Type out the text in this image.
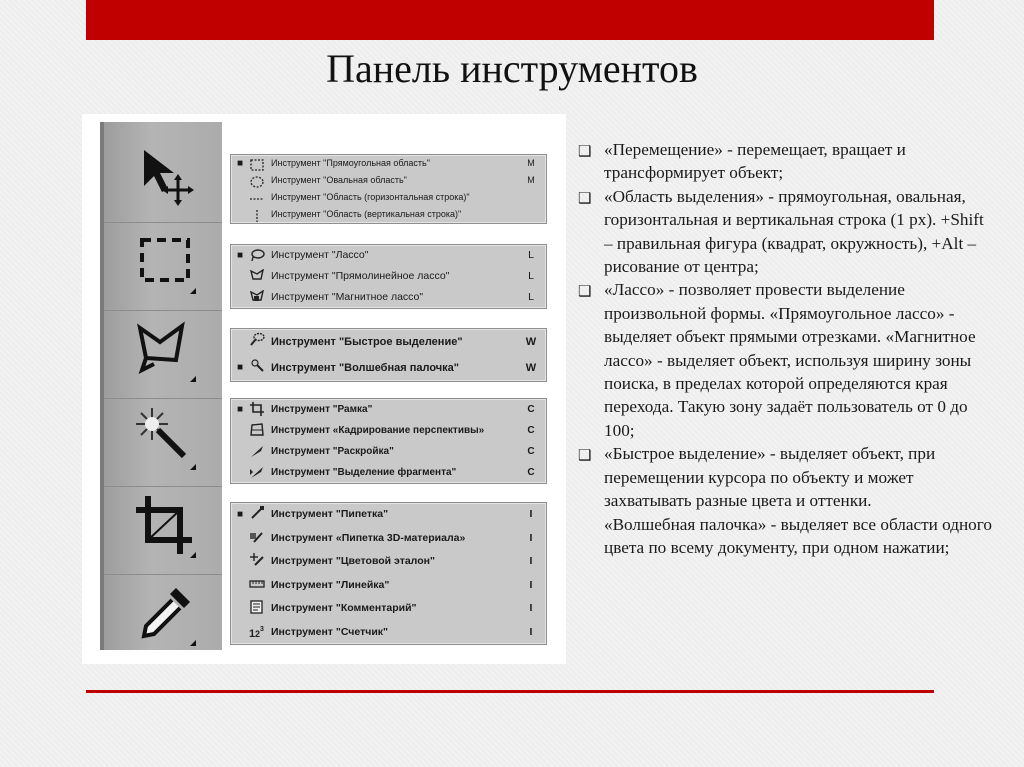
Панель инструментов
■	Инструмент "Прямоугольная область"	M
Инструмент "Овальная область"	M
Инструмент "Область (горизонтальная строка)"
Инструмент "Область (вертикальная строка)"
■	Инструмент "Лассо"	L
Инструмент "Прямолинейное лассо"	L
Инструмент "Магнитное лассо"	L
Инструмент "Быстрое выделение"	W
■	Инструмент "Волшебная палочка"	W
■	Инструмент "Рамка"	C
Инструмент «Кадрирование перспективы»	C
Инструмент "Раскройка"	C
Инструмент "Выделение фрагмента"	C
■	Инструмент "Пипетка"	I
Инструмент «Пипетка 3D-материала»	I
Инструмент "Цветовой эталон"	I
Инструмент "Линейка"	I
Инструмент "Комментарий"	I
1 2 3 Инструмент "Счетчик"	I
❑ «Перемещение» - перемещает, вращает и трансформирует объект;
❑ «Область выделения» - прямоугольная, овальная, горизонтальная и вертикальная строка (1 px). +Shift – правильная фигура (квадрат, окружность), +Alt – рисование от центра;
❑ «Лассо» - позволяет провести выделение произвольной формы. «Прямоугольное лассо» - выделяет объект прямыми отрезками. «Магнитное лассо» - выделяет объект, используя ширину зоны поиска, в пределах которой определяются края перехода. Такую зону задаёт пользователь от 0 до 100;
❑ «Быстрое выделение» - выделяет объект, при перемещении курсора по объекту и может захватывать разные цвета и оттенки.
«Волшебная палочка» - выделяет все области одного цвета по всему документу, при одном нажатии;
